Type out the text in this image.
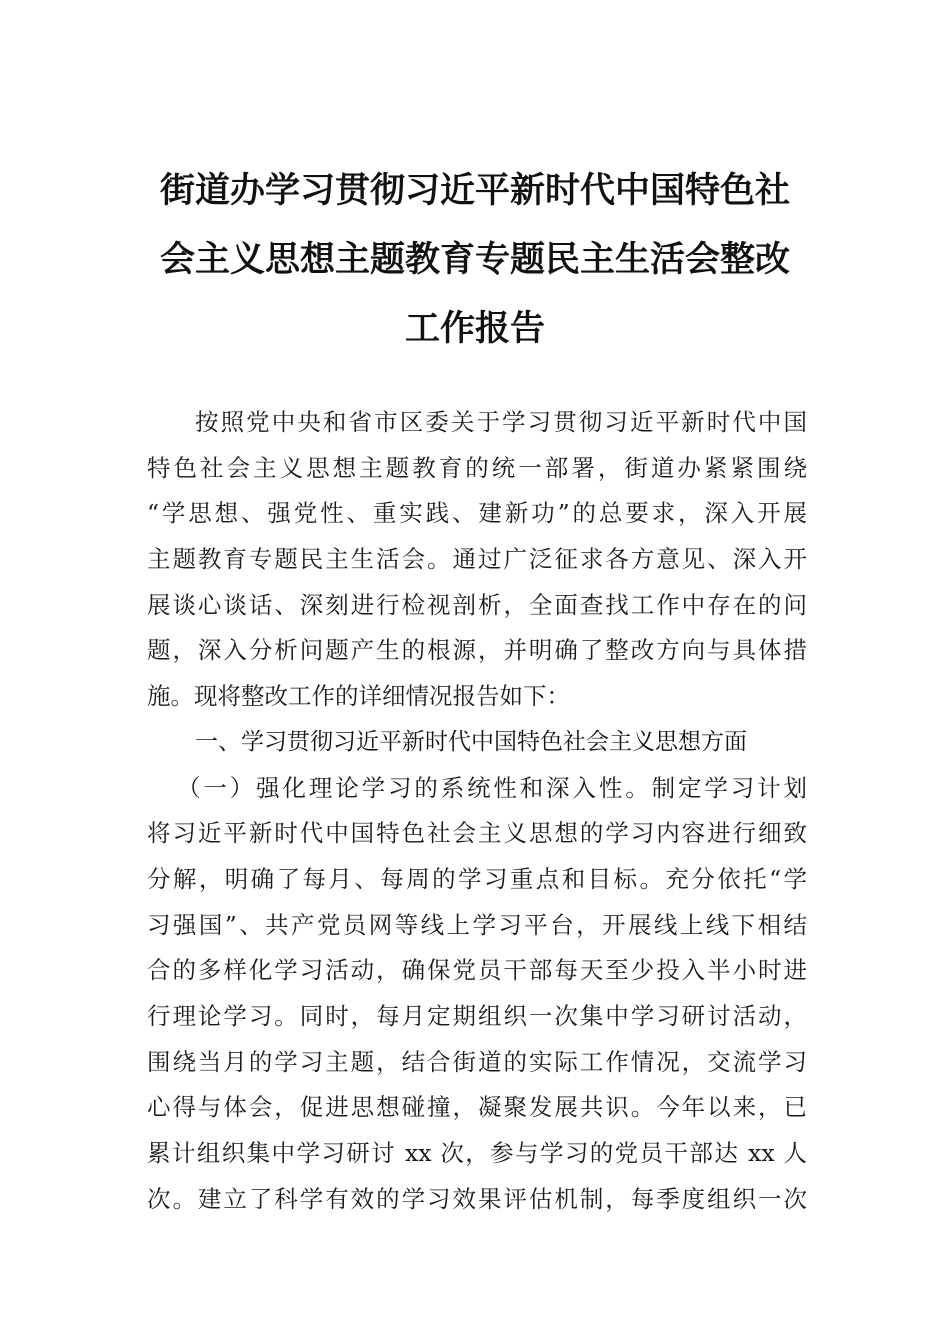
街道办学习贯彻习近平新时代中国特色社
会主义思想主题教育专题民主生活会整改
工作报告
按照党中央和省市区委关于学习贯彻习近平新时代中国
特色社会主义思想主题教育的统一部署，街道办紧紧围绕
“学思想、强党性、重实践、建新功”的总要求，深入开展
主题教育专题民主生活会。通过广泛征求各方意见、深入开
展谈心谈话、深刻进行检视剖析，全面查找工作中存在的问
题，深入分析问题产生的根源，并明确了整改方向与具体措
施。现将整改工作的详细情况报告如下：
一、学习贯彻习近平新时代中国特色社会主义思想方面
（一）强化理论学习的系统性和深入性。制定学习计划
将习近平新时代中国特色社会主义思想的学习内容进行细致
分解，明确了每月、每周的学习重点和目标。充分依托“学
习强国”、共产党员网等线上学习平台，开展线上线下相结
合的多样化学习活动，确保党员干部每天至少投入半小时进
行理论学习。同时，每月定期组织一次集中学习研讨活动，
围绕当月的学习主题，结合街道的实际工作情况，交流学习
心得与体会，促进思想碰撞，凝聚发展共识。今年以来，已
累计组织集中学习研讨 xx 次，参与学习的党员干部达 xx 人
次。建立了科学有效的学习效果评估机制，每季度组织一次
